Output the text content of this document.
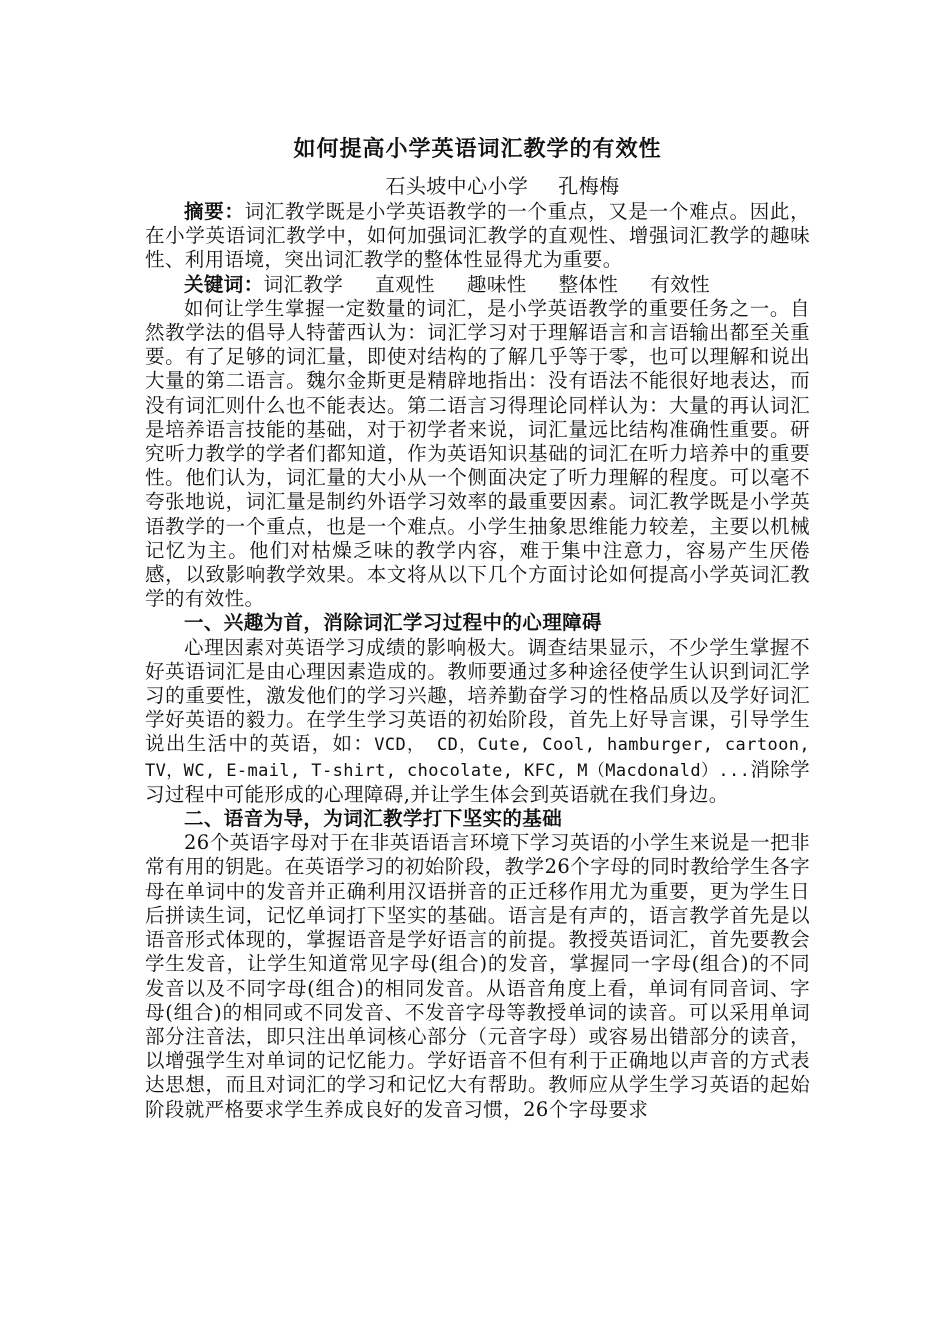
如何提高小学英语词汇教学的有效性
石头坡中心小学 孔梅梅

摘要：词汇教学既是小学英语教学的一个重点，又是一个难点。因此，在小学英语词汇教学中，如何加强词汇教学的直观性、增强词汇教学的趣味性、利用语境，突出词汇教学的整体性显得尤为重要。

关键词：词汇教学 直观性 趣味性 整体性 有效性

如何让学生掌握一定数量的词汇，是小学英语教学的重要任务之一。自然教学法的倡导人特蕾西认为：词汇学习对于理解语言和言语输出都至关重要。有了足够的词汇量，即使对结构的了解几乎等于零，也可以理解和说出大量的第二语言。魏尔金斯更是精辟地指出：没有语法不能很好地表达，而没有词汇则什么也不能表达。第二语言习得理论同样认为：大量的再认词汇是培养语言技能的基础，对于初学者来说，词汇量远比结构准确性重要。研究听力教学的学者们都知道，作为英语知识基础的词汇在听力培养中的重要性。他们认为，词汇量的大小从一个侧面决定了听力理解的程度。可以毫不夸张地说，词汇量是制约外语学习效率的最重要因素。词汇教学既是小学英语教学的一个重点，也是一个难点。小学生抽象思维能力较差，主要以机械记忆为主。他们对枯燥乏味的教学内容，难于集中注意力，容易产生厌倦感，以致影响教学效果。本文将从以下几个方面讨论如何提高小学英词汇教学的有效性。

一、兴趣为首，消除词汇学习过程中的心理障碍

心理因素对英语学习成绩的影响极大。调查结果显示，不少学生掌握不好英语词汇是由心理因素造成的。教师要通过多种途径使学生认识到词汇学习的重要性，激发他们的学习兴趣，培养勤奋学习的性格品质以及学好词汇学好英语的毅力。在学生学习英语的初始阶段，首先上好导言课，引导学生说出生活中的英语，如：VCD， CD，Cute, Cool, hamburger, cartoon, TV，WC, E-mail, T-shirt, chocolate, KFC, M（Macdonald）...消除学习过程中可能形成的心理障碍,并让学生体会到英语就在我们身边。

二、语音为导，为词汇教学打下坚实的基础

26个英语字母对于在非英语语言环境下学习英语的小学生来说是一把非常有用的钥匙。在英语学习的初始阶段，教学26个字母的同时教给学生各字母在单词中的发音并正确利用汉语拼音的正迁移作用尤为重要，更为学生日后拼读生词，记忆单词打下坚实的基础。语言是有声的，语言教学首先是以语音形式体现的，掌握语音是学好语言的前提。教授英语词汇，首先要教会学生发音，让学生知道常见字母(组合)的发音，掌握同一字母(组合)的不同发音以及不同字母(组合)的相同发音。从语音角度上看，单词有同音词、字母(组合)的相同或不同发音、不发音字母等教授单词的读音。可以采用单词部分注音法，即只注出单词核心部分（元音字母）或容易出错部分的读音，以增强学生对单词的记忆能力。学好语音不但有利于正确地以声音的方式表达思想，而且对词汇的学习和记忆大有帮助。教师应从学生学习英语的起始阶段就严格要求学生养成良好的发音习惯，26个字母要求
